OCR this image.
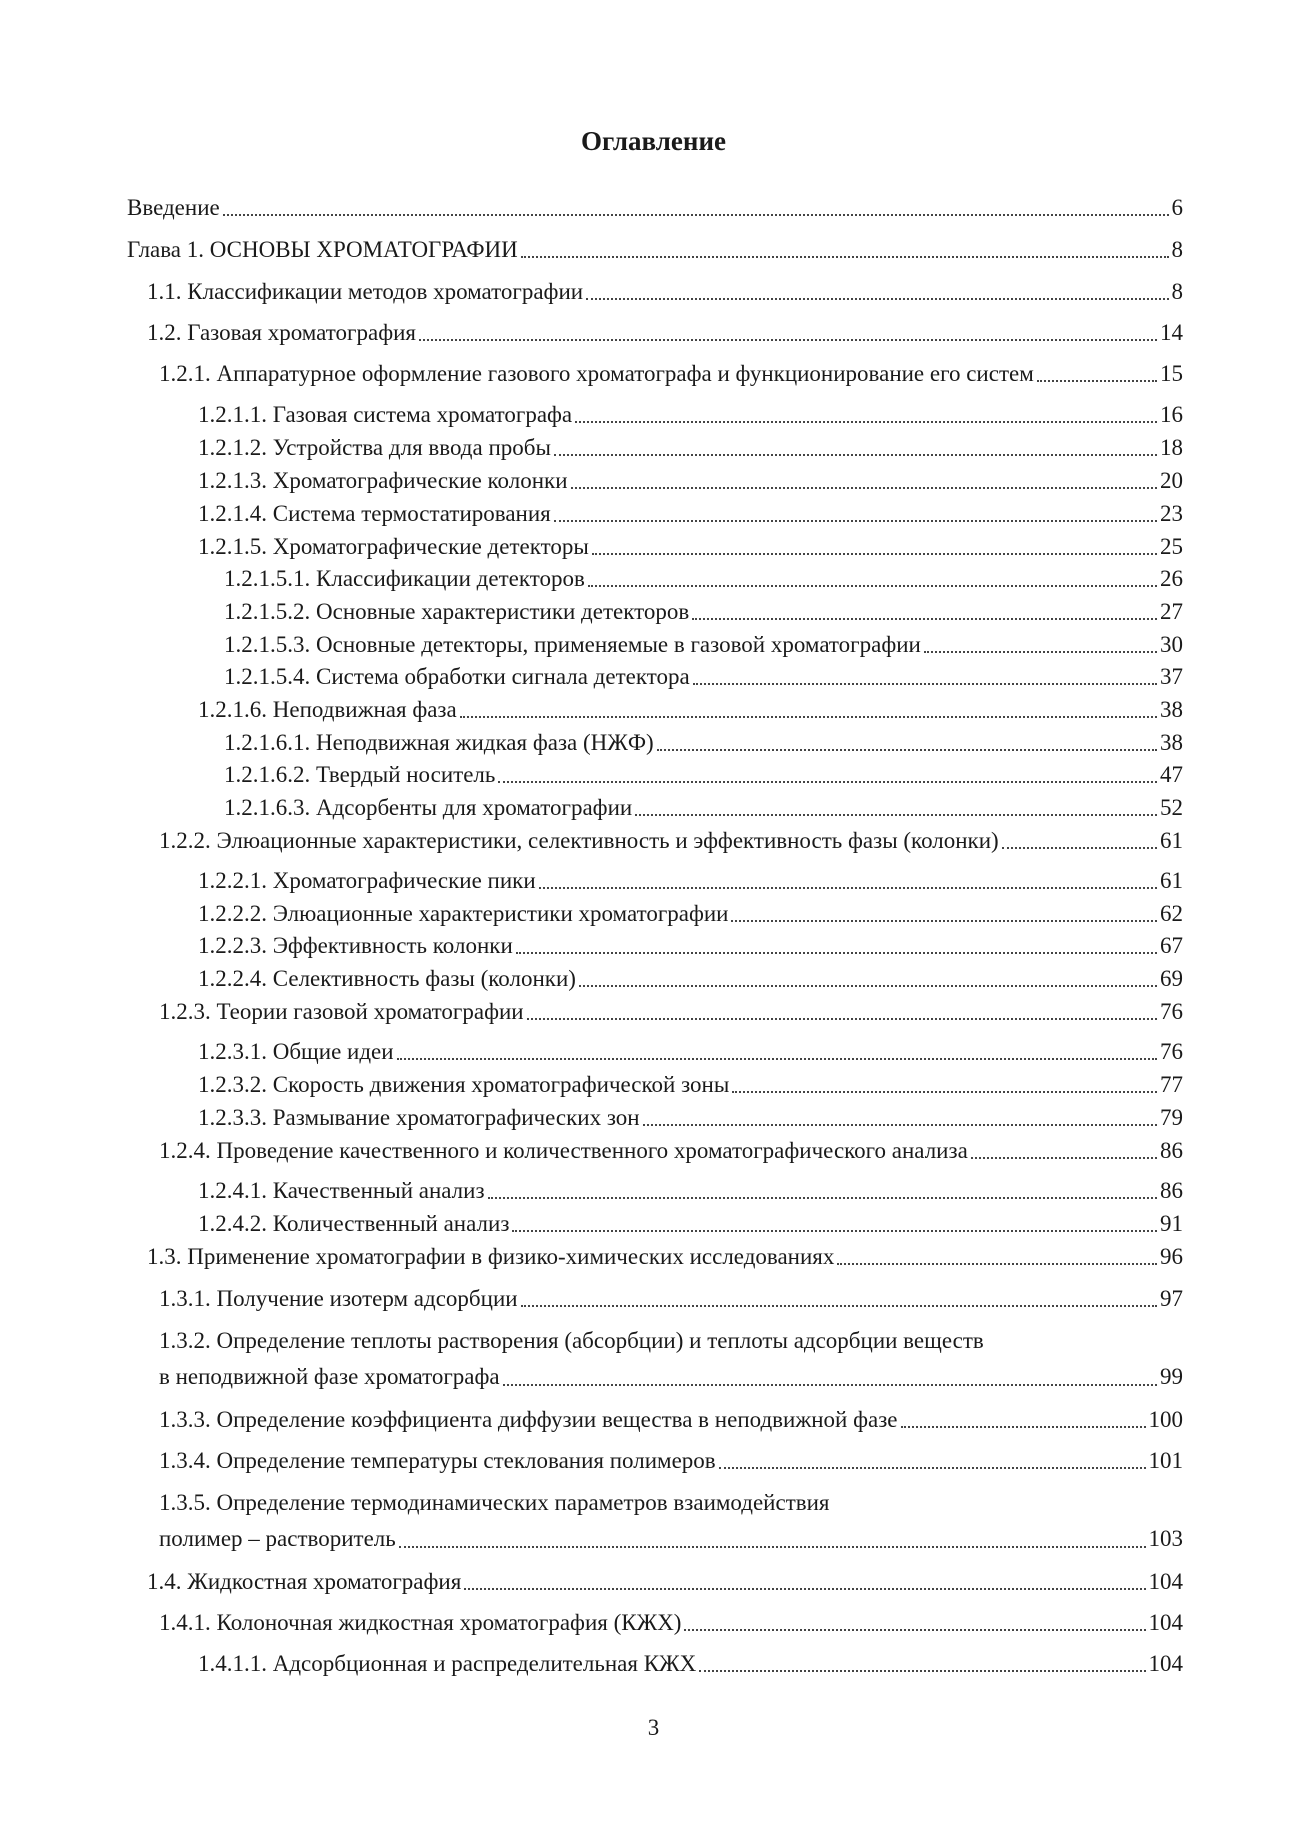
Оглавление
Введение	6
Глава 1. ОСНОВЫ ХРОМАТОГРАФИИ	8
1.1. Классификации методов хроматографии	8
1.2. Газовая хроматография	14
1.2.1. Аппаратурное оформление газового хроматографа и функционирование его систем	15
1.2.1.1. Газовая система хроматографа	16
1.2.1.2. Устройства для ввода пробы	18
1.2.1.3. Хроматографические колонки	20
1.2.1.4. Система термостатирования	23
1.2.1.5. Хроматографические детекторы	25
1.2.1.5.1. Классификации детекторов	26
1.2.1.5.2. Основные характеристики детекторов	27
1.2.1.5.3. Основные детекторы, применяемые в газовой хроматографии	30
1.2.1.5.4. Система обработки сигнала детектора	37
1.2.1.6. Неподвижная фаза	38
1.2.1.6.1. Неподвижная жидкая фаза (НЖФ)	38
1.2.1.6.2. Твердый носитель	47
1.2.1.6.3. Адсорбенты для хроматографии	52
1.2.2. Элюационные характеристики, селективность и эффективность фазы (колонки)	61
1.2.2.1. Хроматографические пики	61
1.2.2.2. Элюационные характеристики хроматографии	62
1.2.2.3. Эффективность колонки	67
1.2.2.4. Селективность фазы (колонки)	69
1.2.3. Теории газовой хроматографии	76
1.2.3.1. Общие идеи	76
1.2.3.2. Скорость движения хроматографической зоны	77
1.2.3.3. Размывание хроматографических зон	79
1.2.4. Проведение качественного и количественного хроматографического анализа	86
1.2.4.1. Качественный анализ	86
1.2.4.2. Количественный анализ	91
1.3. Применение хроматографии в физико-химических исследованиях	96
1.3.1. Получение изотерм адсорбции	97
1.3.2. Определение теплоты растворения (абсорбции) и теплоты адсорбции веществ
в неподвижной фазе хроматографа	99
1.3.3. Определение коэффициента диффузии вещества в неподвижной фазе	100
1.3.4. Определение температуры стеклования полимеров	101
1.3.5. Определение термодинамических параметров взаимодействия
полимер – растворитель	103
1.4. Жидкостная хроматография	104
1.4.1. Колоночная жидкостная хроматография (КЖХ)	104
1.4.1.1. Адсорбционная и распределительная КЖХ	104
3
